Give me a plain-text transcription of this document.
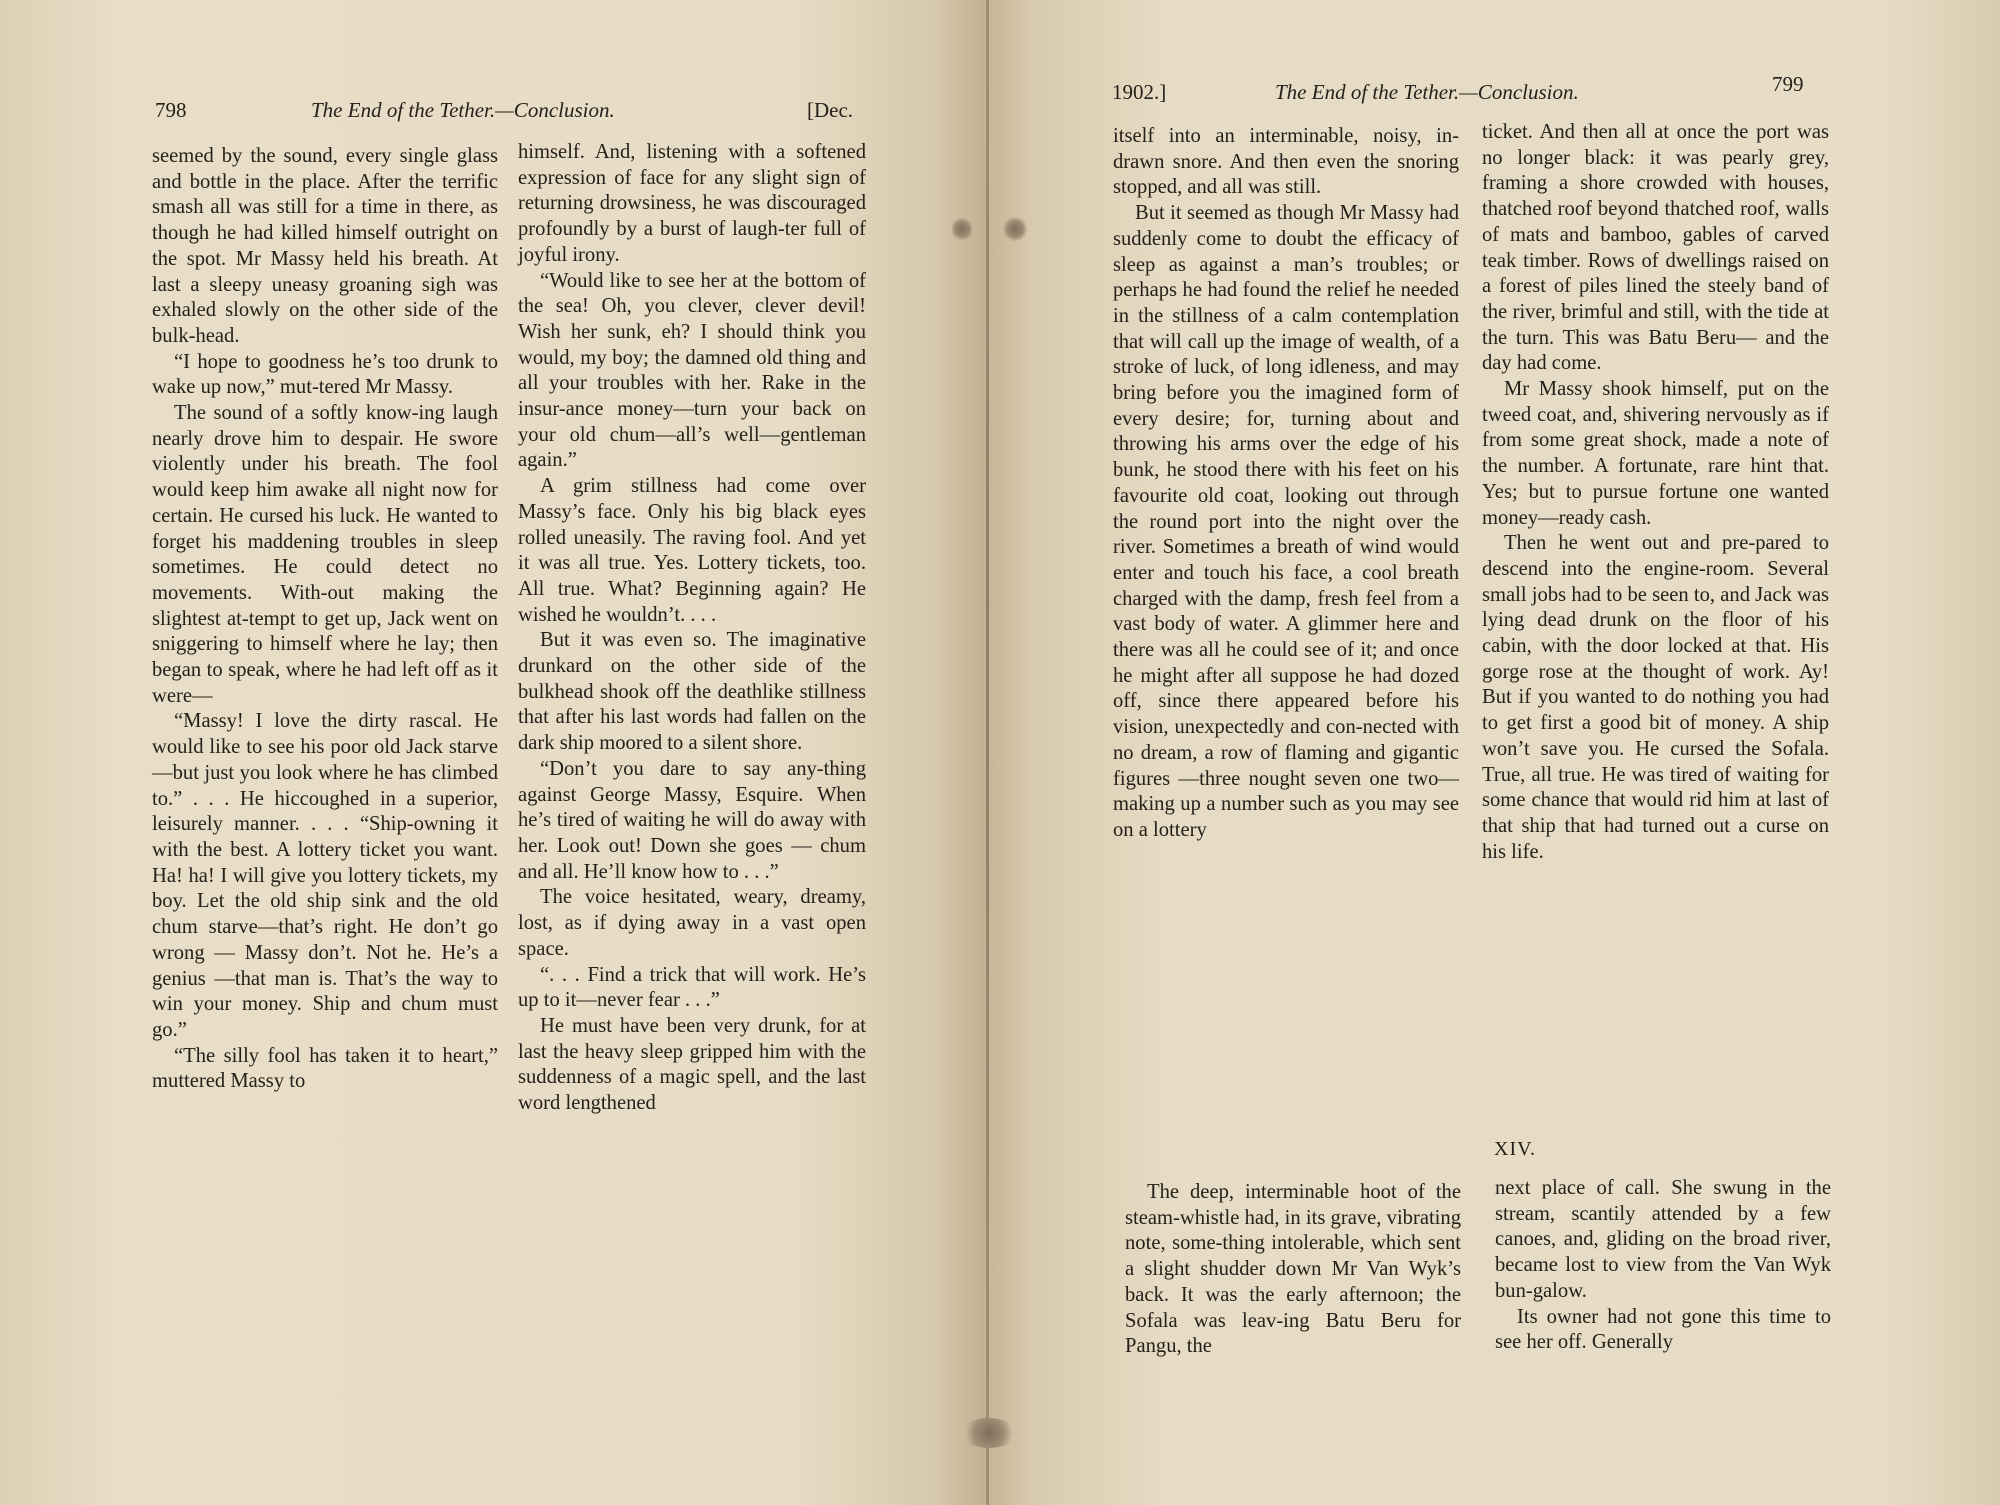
798	The End of the Tether.—Conclusion.	[Dec.

seemed by the sound, every single glass and bottle in the place. After the terrific smash all was still for a time in there, as though he had killed himself outright on the spot. Mr Massy held his breath. At last a sleepy uneasy groaning sigh was exhaled slowly on the other side of the bulk-head.

“I hope to goodness he’s too drunk to wake up now,” mut-tered Mr Massy.

The sound of a softly know-ing laugh nearly drove him to despair. He swore violently under his breath. The fool would keep him awake all night now for certain. He cursed his luck. He wanted to forget his maddening troubles in sleep sometimes. He could detect no movements. With-out making the slightest at-tempt to get up, Jack went on sniggering to himself where he lay; then began to speak, where he had left off as it were—

“Massy! I love the dirty rascal. He would like to see his poor old Jack starve—but just you look where he has climbed to.” . . . He hiccoughed in a superior, leisurely manner. . . . “Ship-owning it with the best. A lottery ticket you want. Ha! ha! I will give you lottery tickets, my boy. Let the old ship sink and the old chum starve—that’s right. He don’t go wrong — Massy don’t. Not he. He’s a genius —that man is. That’s the way to win your money. Ship and chum must go.”

“The silly fool has taken it to heart,” muttered Massy to

himself. And, listening with a softened expression of face for any slight sign of returning drowsiness, he was discouraged profoundly by a burst of laugh-ter full of joyful irony.

“Would like to see her at the bottom of the sea! Oh, you clever, clever devil! Wish her sunk, eh? I should think you would, my boy; the damned old thing and all your troubles with her. Rake in the insur-ance money—turn your back on your old chum—all’s well—gentleman again.”

A grim stillness had come over Massy’s face. Only his big black eyes rolled uneasily. The raving fool. And yet it was all true. Yes. Lottery tickets, too. All true. What? Beginning again? He wished he wouldn’t. . . .

But it was even so. The imaginative drunkard on the other side of the bulkhead shook off the deathlike stillness that after his last words had fallen on the dark ship moored to a silent shore.

“Don’t you dare to say any-thing against George Massy, Esquire. When he’s tired of waiting he will do away with her. Look out! Down she goes — chum and all. He’ll know how to . . .”

The voice hesitated, weary, dreamy, lost, as if dying away in a vast open space.

“. . . Find a trick that will work. He’s up to it—never fear . . .”

He must have been very drunk, for at last the heavy sleep gripped him with the suddenness of a magic spell, and the last word lengthened

1902.]	The End of the Tether.—Conclusion.	799

itself into an interminable, noisy, in-drawn snore. And then even the snoring stopped, and all was still.

But it seemed as though Mr Massy had suddenly come to doubt the efficacy of sleep as against a man’s troubles; or perhaps he had found the relief he needed in the stillness of a calm contemplation that will call up the image of wealth, of a stroke of luck, of long idleness, and may bring before you the imagined form of every desire; for, turning about and throwing his arms over the edge of his bunk, he stood there with his feet on his favourite old coat, looking out through the round port into the night over the river. Sometimes a breath of wind would enter and touch his face, a cool breath charged with the damp, fresh feel from a vast body of water. A glimmer here and there was all he could see of it; and once he might after all suppose he had dozed off, since there appeared before his vision, unexpectedly and con-nected with no dream, a row of flaming and gigantic figures —three nought seven one two— making up a number such as you may see on a lottery

ticket. And then all at once the port was no longer black: it was pearly grey, framing a shore crowded with houses, thatched roof beyond thatched roof, walls of mats and bamboo, gables of carved teak timber. Rows of dwellings raised on a forest of piles lined the steely band of the river, brimful and still, with the tide at the turn. This was Batu Beru— and the day had come.

Mr Massy shook himself, put on the tweed coat, and, shivering nervously as if from some great shock, made a note of the number. A fortunate, rare hint that. Yes; but to pursue fortune one wanted money—ready cash.

Then he went out and pre-pared to descend into the engine-room. Several small jobs had to be seen to, and Jack was lying dead drunk on the floor of his cabin, with the door locked at that. His gorge rose at the thought of work. Ay! But if you wanted to do nothing you had to get first a good bit of money. A ship won’t save you. He cursed the Sofala. True, all true. He was tired of waiting for some chance that would rid him at last of that ship that had turned out a curse on his life.

XIV.

The deep, interminable hoot of the steam-whistle had, in its grave, vibrating note, some-thing intolerable, which sent a slight shudder down Mr Van Wyk’s back. It was the early afternoon; the Sofala was leav-ing Batu Beru for Pangu, the

next place of call. She swung in the stream, scantily attended by a few canoes, and, gliding on the broad river, became lost to view from the Van Wyk bun-galow.

Its owner had not gone this time to see her off. Generally
